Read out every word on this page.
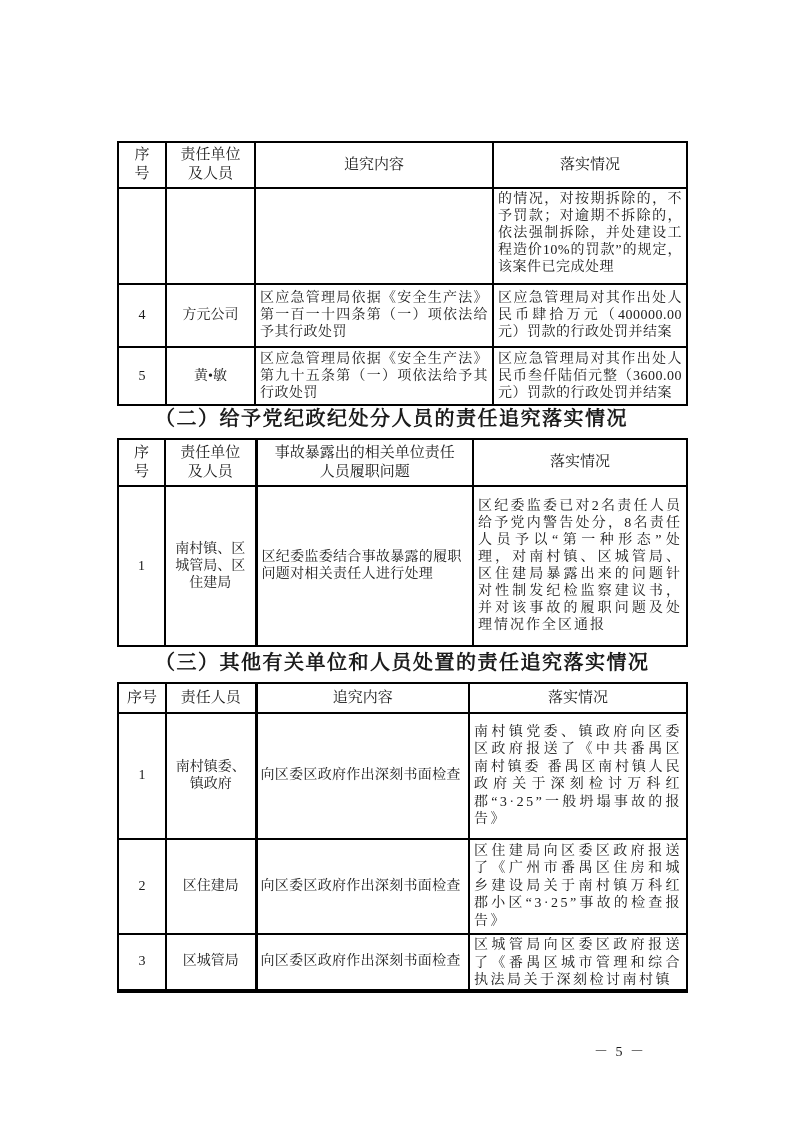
序号	责任单位及人员	追究内容	落实情况
			的情况，对按期拆除的，不予罚款；对逾期不拆除的，依法强制拆除，并处建设工程造价10%的罚款”的规定，该案件已完成处理
4	方元公司	区应急管理局依据《安全生产法》第一百一十四条第（一）项依法给予其行政处罚	区应急管理局对其作出处人民币肆拾万元（400000.00元）罚款的行政处罚并结案
5	黄•敏	区应急管理局依据《安全生产法》第九十五条第（一）项依法给予其行政处罚	区应急管理局对其作出处人民币叁仟陆佰元整（3600.00元）罚款的行政处罚并结案
（二）给予党纪政纪处分人员的责任追究落实情况
序号	责任单位及人员	事故暴露出的相关单位责任人员履职问题	落实情况
1	南村镇、区城管局、区住建局	区纪委监委结合事故暴露的履职问题对相关责任人进行处理	区纪委监委已对2名责任人员给予党内警告处分，8名责任人员予以“第一种形态”处理，对南村镇、区城管局、区住建局暴露出来的问题针对性制发纪检监察建议书，并对该事故的履职问题及处理情况作全区通报
（三）其他有关单位和人员处置的责任追究落实情况
序号	责任人员	追究内容	落实情况
1	南村镇委、镇政府	向区委区政府作出深刻书面检查	南村镇党委、镇政府向区委区政府报送了《中共番禺区南村镇委 番禺区南村镇人民政府关于深刻检讨万科红郡“3·25”一般坍塌事故的报告》
2	区住建局	向区委区政府作出深刻书面检查	区住建局向区委区政府报送了《广州市番禺区住房和城乡建设局关于南村镇万科红郡小区“3·25”事故的检查报告》
3	区城管局	向区委区政府作出深刻书面检查	区城管局向区委区政府报送了《番禺区城市管理和综合执法局关于深刻检讨南村镇
－ 5 －
